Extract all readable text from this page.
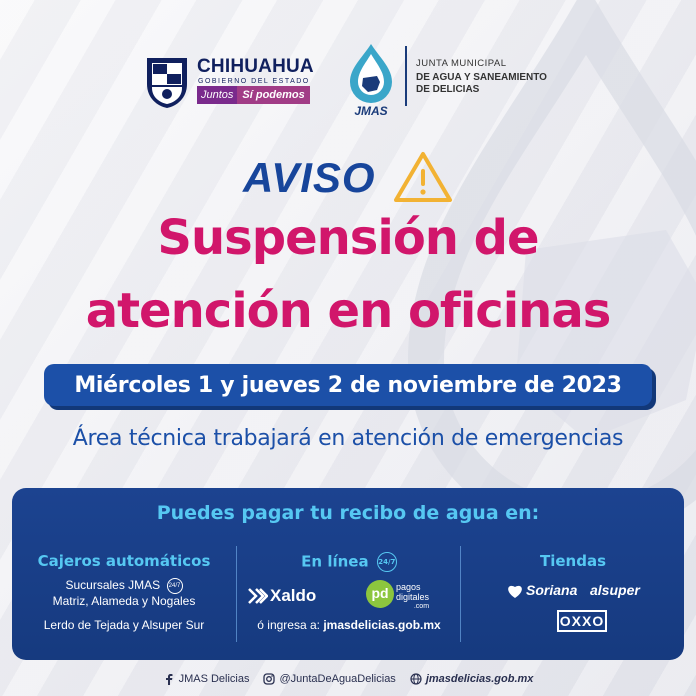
CHIHUAHUA
GOBIERNO DEL ESTADO
Juntos Sí podemos
JMAS
JUNTA MUNICIPAL
DE AGUA Y SANEAMIENTO
DE DELICIAS
AVISO
Suspensión de
atención en oficinas
Miércoles 1 y jueves 2 de noviembre de 2023
Área técnica trabajará en atención de emergencias
Puedes pagar tu recibo de agua en:
Cajeros automáticos
Sucursales JMAS 24/7
Matriz, Alameda y Nogales
Lerdo de Tejada y Alsuper Sur
En línea 24/7
Xaldo	pd pagos
digitales
.com
ó ingresa a: jmasdelicias.gob.mx
Tiendas
Soriana alsuper
OXXO
JMAS Delicias	@JuntaDeAguaDelicias	jmasdelicias.gob.mx
